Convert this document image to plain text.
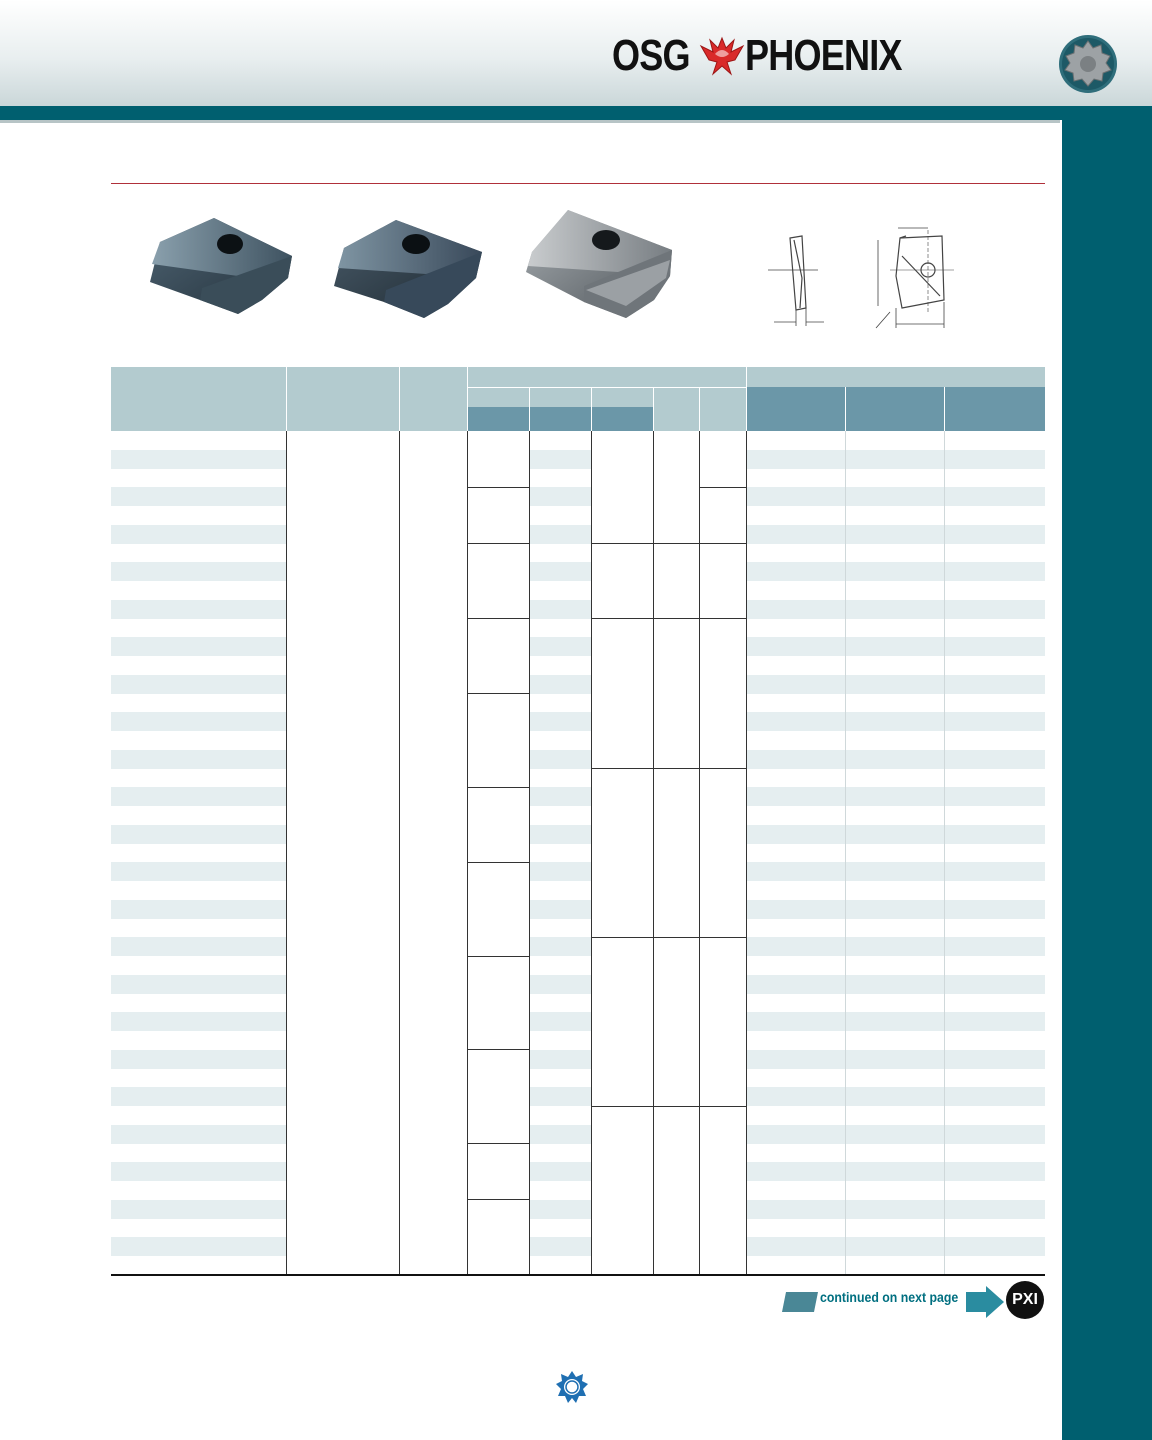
OSG PHOENIX

continued on next page	PXI
